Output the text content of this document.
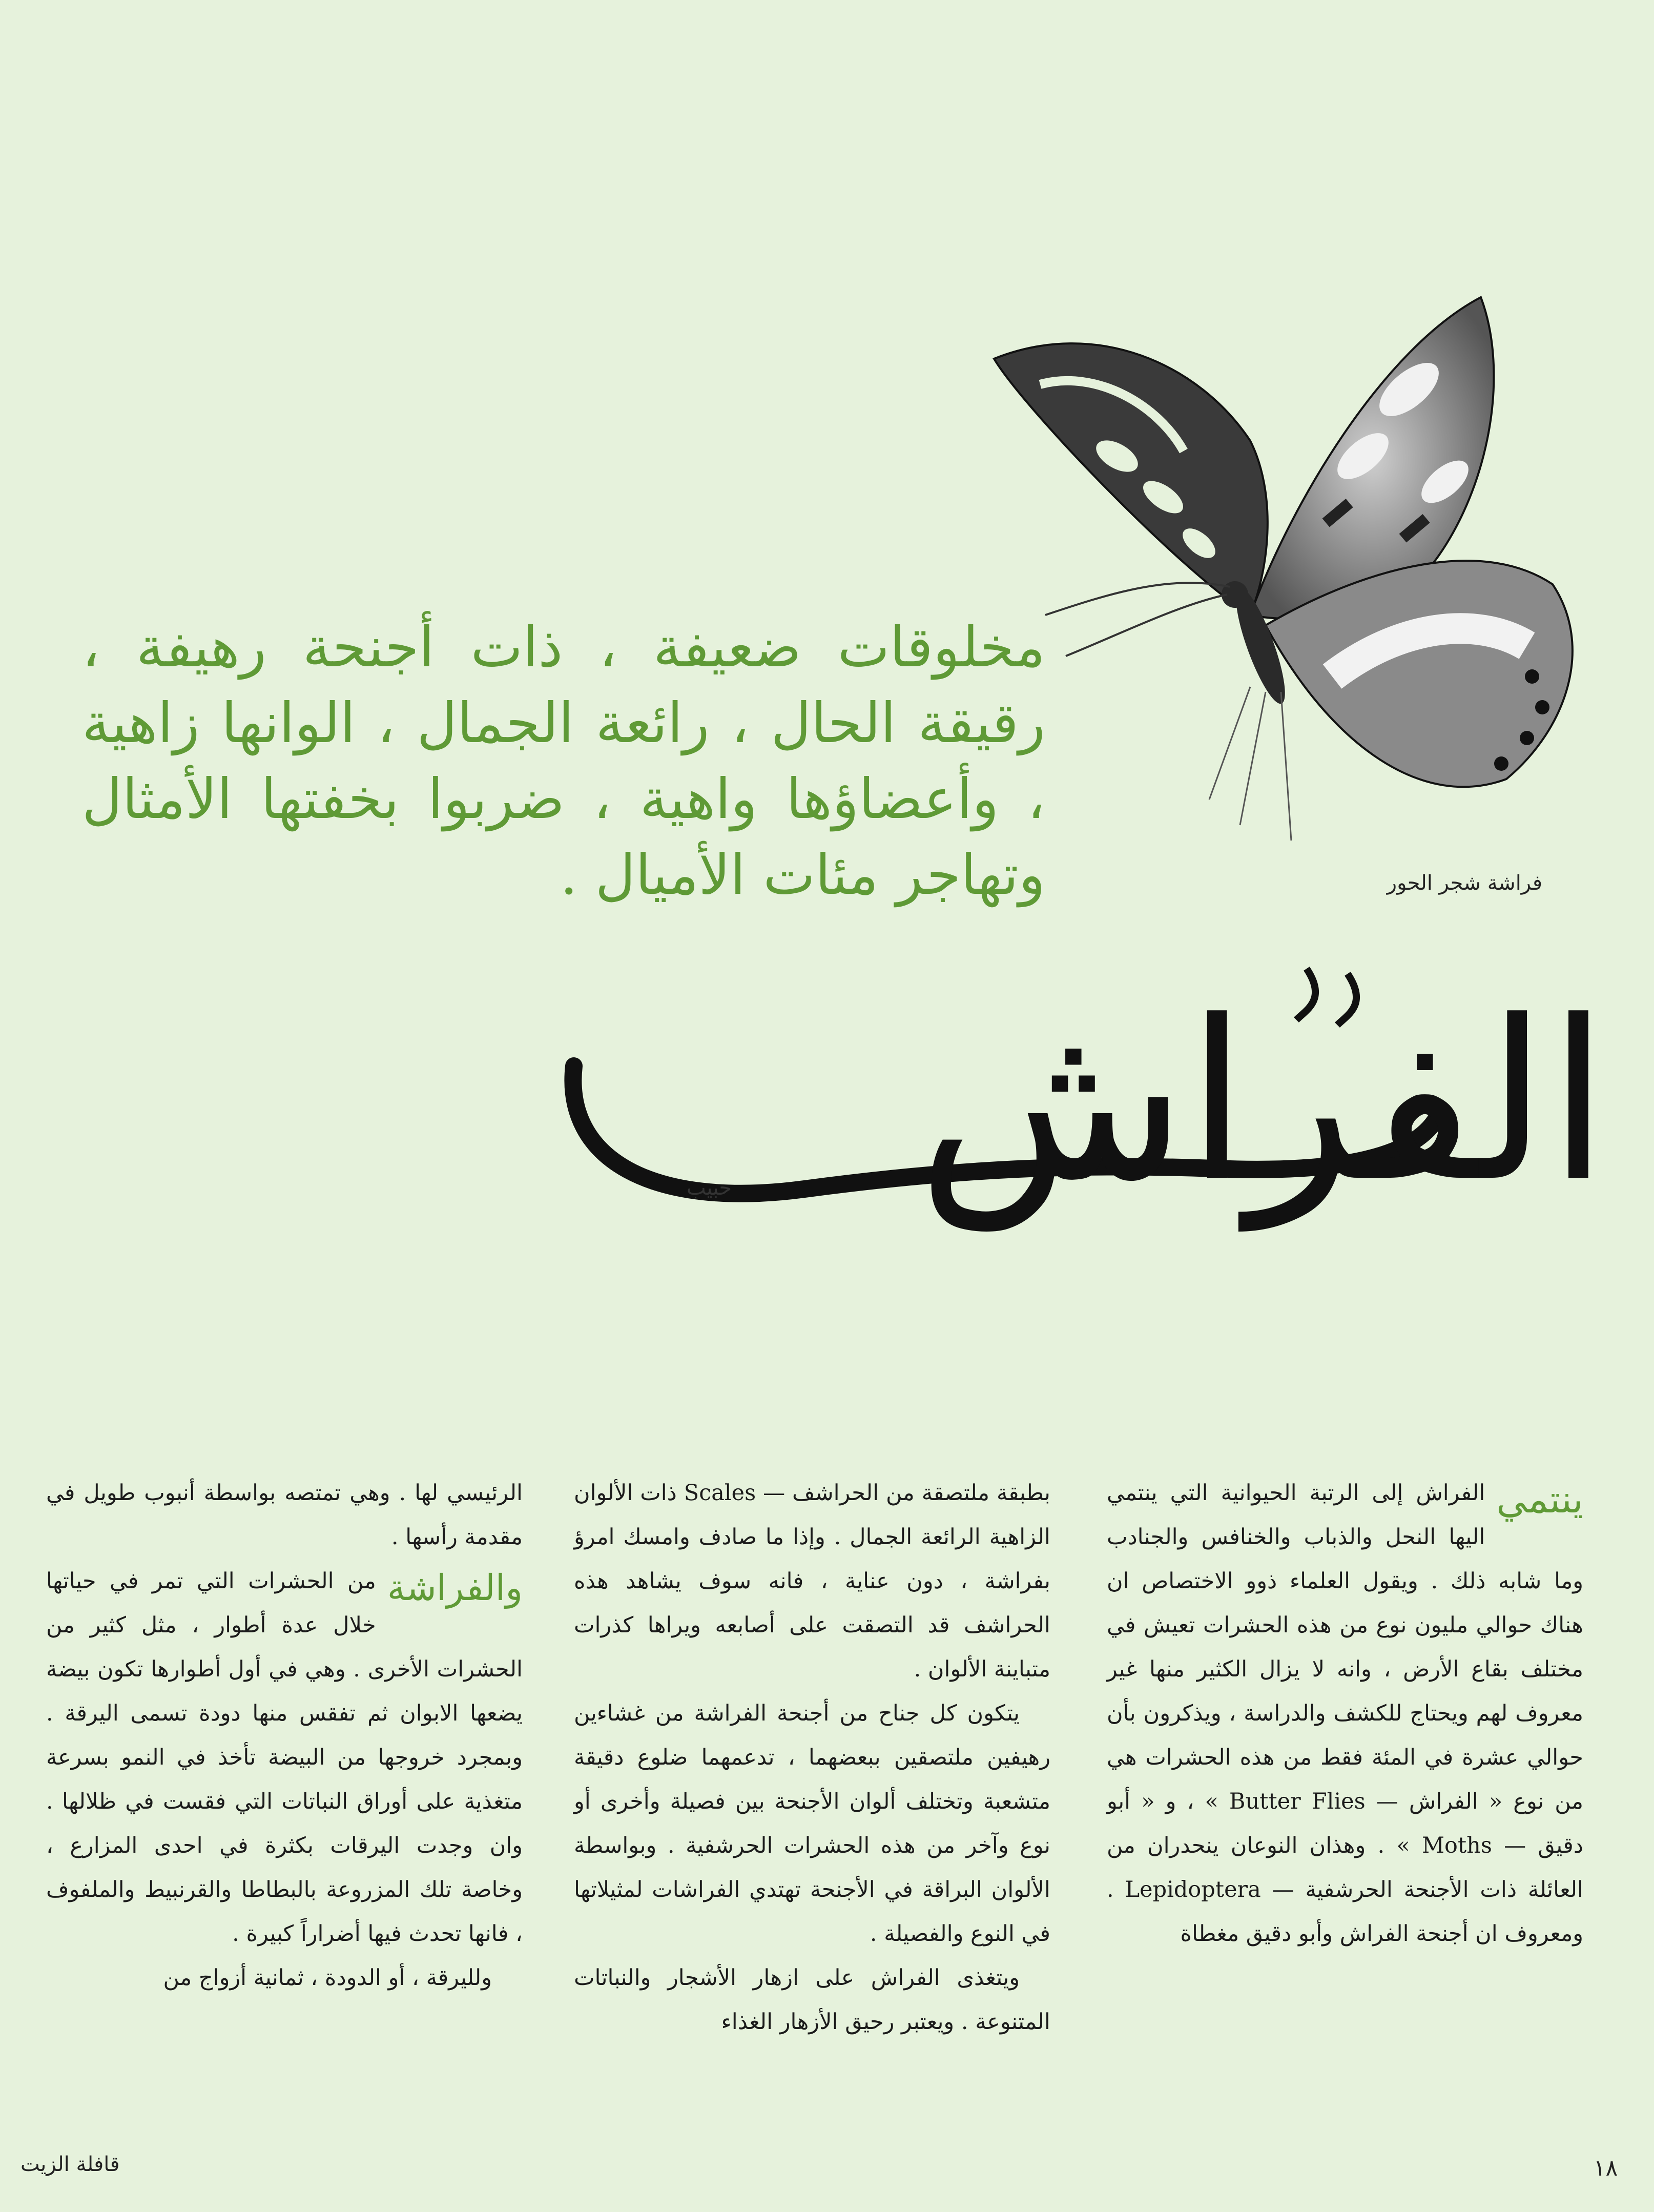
فراشة شجر الحور
مخلوقات ضعيفة ، ذات أجنحة رهيفة ، رقيقة الحال ، رائعة الجمال ، الوانها زاهية ، وأعضاؤها واهية ، ضربوا بخفتها الأمثال وتهاجر مئات الأميال .
الفراش
حبيب
ينتمي

الفراش إلى الرتبة الحيوانية التي ينتمي اليها النحل والذباب والخنافس والجنادب وما شابه ذلك . ويقول العلماء ذوو الاختصاص ان هناك حوالي مليون نوع من هذه الحشرات تعيش في مختلف بقاع الأرض ، وانه لا يزال الكثير منها غير معروف لهم ويحتاج للكشف والدراسة ، ويذكرون بأن حوالي عشرة في المئة فقط من هذه الحشرات هي من نوع « الفراش — Butter Flies » ، و « أبو دقيق — Moths » . وهذان النوعان ينحدران من العائلة ذات الأجنحة الحرشفية — Lepidoptera . ومعروف ان أجنحة الفراش وأبو دقيق مغطاة

بطبقة ملتصقة من الحراشف — Scales ذات الألوان الزاهية الرائعة الجمال . وإذا ما صادف وامسك امرؤ بفراشة ، دون عناية ، فانه سوف يشاهد هذه الحراشف قد التصقت على أصابعه ويراها كذرات متباينة الألوان .

يتكون كل جناح من أجنحة الفراشة من غشاءين رهيفين ملتصقين ببعضهما ، تدعمهما ضلوع دقيقة متشعبة وتختلف ألوان الأجنحة بين فصيلة وأخرى أو نوع وآخر من هذه الحشرات الحرشفية . وبواسطة الألوان البراقة في الأجنحة تهتدي الفراشات لمثيلاتها في النوع والفصيلة .

ويتغذى الفراش على ازهار الأشجار والنباتات المتنوعة . ويعتبر رحيق الأزهار الغذاء

الرئيسي لها . وهي تمتصه بواسطة أنبوب طويل في مقدمة رأسها .

والفراشة

من الحشرات التي تمر في حياتها خلال عدة أطوار ، مثل كثير من الحشرات الأخرى . وهي في أول أطوارها تكون بيضة يضعها الابوان ثم تفقس منها دودة تسمى اليرقة . وبمجرد خروجها من البيضة تأخذ في النمو بسرعة متغذية على أوراق النباتات التي فقست في ظلالها . وان وجدت اليرقات بكثرة في احدى المزارع ، وخاصة تلك المزروعة بالبطاطا والقرنبيط والملفوف ، فانها تحدث فيها أضراراً كبيرة .

ولليرقة ، أو الدودة ، ثمانية أزواج من

قافلة الزيت	١٨
